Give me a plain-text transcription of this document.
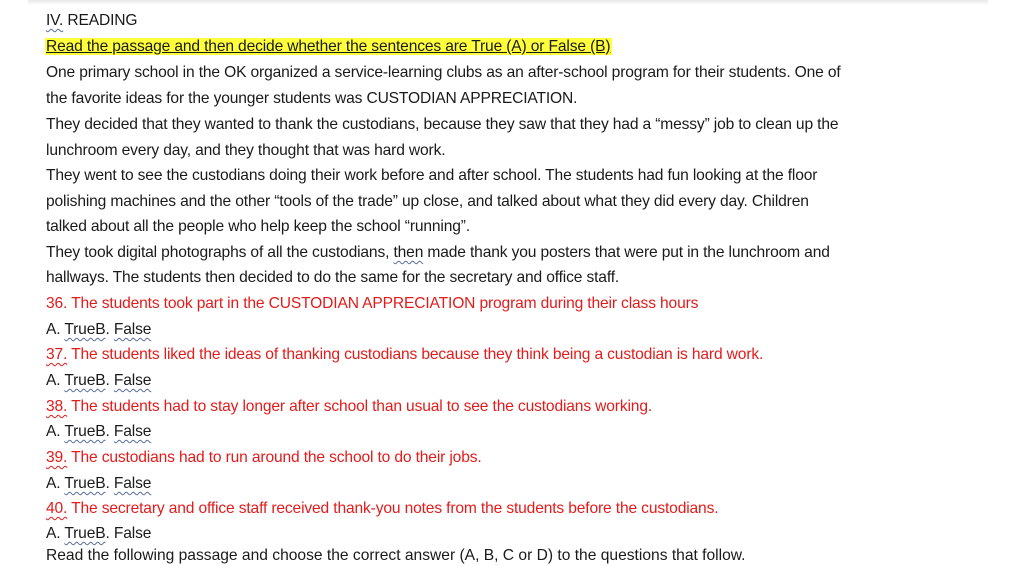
IV. READING
Read the passage and then decide whether the sentences are True (A) or False (B)
One primary school in the OK organized a service-learning clubs as an after-school program for their students. One of
the favorite ideas for the younger students was CUSTODIAN APPRECIATION.
They decided that they wanted to thank the custodians, because they saw that they had a “messy” job to clean up the
lunchroom every day, and they thought that was hard work.
They went to see the custodians doing their work before and after school. The students had fun looking at the floor
polishing machines and the other “tools of the trade” up close, and talked about what they did every day. Children
talked about all the people who help keep the school “running”.
They took digital photographs of all the custodians, then made thank you posters that were put in the lunchroom and
hallways. The students then decided to do the same for the secretary and office staff.
36. The students took part in the CUSTODIAN APPRECIATION program during their class hours
A. TrueB. False
37. The students liked the ideas of thanking custodians because they think being a custodian is hard work.
A. TrueB. False
38. The students had to stay longer after school than usual to see the custodians working.
A. TrueB. False
39. The custodians had to run around the school to do their jobs.
A. TrueB. False
40. The secretary and office staff received thank-you notes from the students before the custodians.
A. TrueB. False
Read the following passage and choose the correct answer (A, B, C or D) to the questions that follow.
